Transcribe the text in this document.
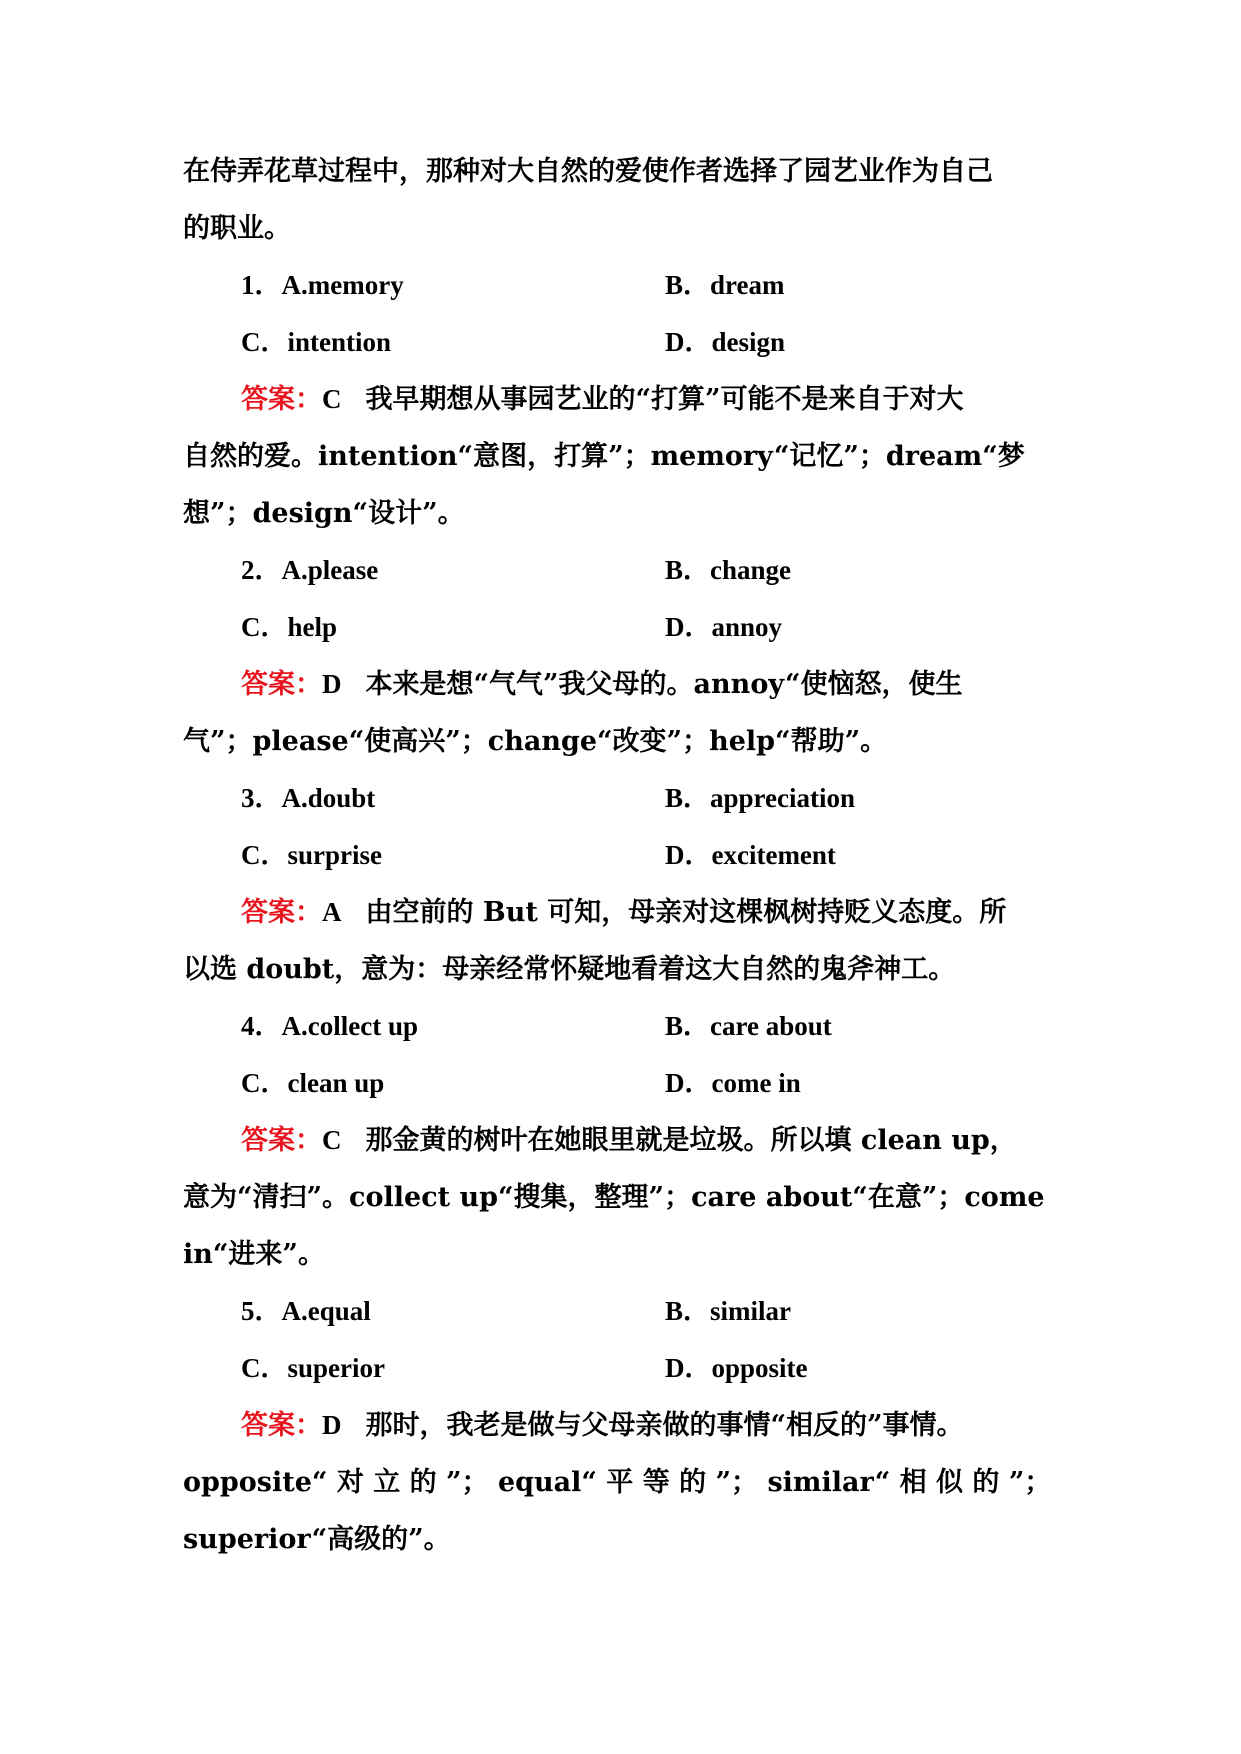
在侍弄花草过程中，那种对大自然的爱使作者选择了园艺业作为自己
的职业。
1．A.memory	B．dream
C．intention	D．design
答案：C 我早期想从事园艺业的“打算”可能不是来自于对大
自然的爱。intention“意图，打算”；memory“记忆”；dream“梦
想”；design“设计”。
2．A.please	B．change
C．help	D．annoy
答案：D 本来是想“气气”我父母的。annoy“使恼怒，使生
气”；please“使高兴”；change“改变”；help“帮助”。
3．A.doubt	B．appreciation
C．surprise	D．excitement
答案：A 由空前的 But 可知，母亲对这棵枫树持贬义态度。所
以选 doubt，意为：母亲经常怀疑地看着这大自然的鬼斧神工。
4．A.collect up	B．care about
C．clean up	D．come in
答案：C 那金黄的树叶在她眼里就是垃圾。所以填 clean up，
意为“清扫”。collect up“搜集，整理”；care about“在意”；come
in“进来”。
5．A.equal	B．similar
C．superior	D．opposite
答案：D 那时，我老是做与父母亲做的事情“相反的”事情。
opposite“ 对 立 的 ”； equal“ 平 等 的 ”； similar“ 相 似 的 ”；
superior“高级的”。
